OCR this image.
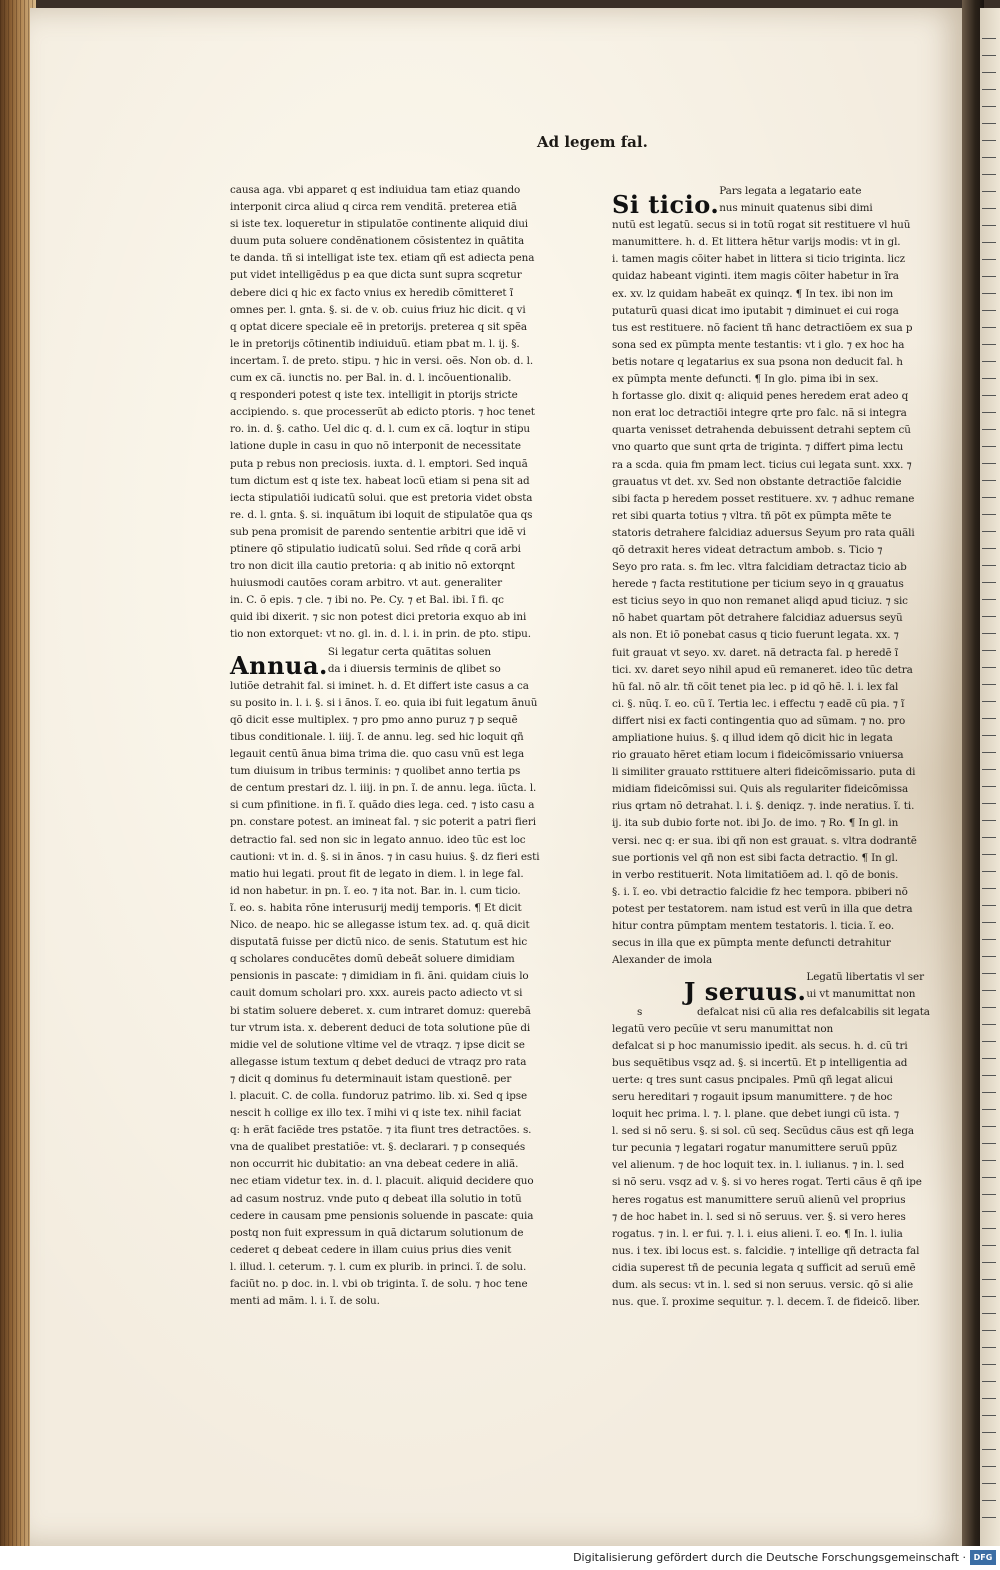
Ad legem fal.
causa aga. vbi apparet q est indiuidua tam etiaz quando
interponit circa aliud q circa rem venditã. preterea etiã
si iste tex. loqueretur in stipulatõe continente aliquid diui
duum puta soluere condẽnationem cõsistentez in quãtita
te danda. tñ si intelligat iste tex. etiam qñ est adiecta pena
put videt intelligẽdus p ea que dicta sunt supra scqretur
debere dici q hic ex facto vnius ex heredib cõmitteret ĩ
omnes per. l. gnta. §. si. de v. ob. cuius friuz hic dicit. q vi
q optat dicere speciale eẽ in pretorijs. preterea q sit spẽa
le in pretorijs cõtinentib indiuiduũ. etiam pbat m. l. ij. §.
incertam. ĩ. de preto. stipu. ⁊ hic in versi. oẽs. Non ob. d. l.
cum ex cã. iunctis no. per Bal. in. d. l. incõuentionalib.
q responderi potest q iste tex. intelligit in ptorijs stricte
accipiendo. s. que processerũt ab edicto ptoris. ⁊ hoc tenet
ro. in. d. §. catho. Uel dic q. d. l. cum ex cã. loqtur in stipu
latione duple in casu in quo nõ interponit de necessitate
puta p rebus non preciosis. iuxta. d. l. emptori. Sed inquã
tum dictum est q iste tex. habeat locũ etiam si pena sit ad
iecta stipulatiõi iudicatũ solui. que est pretoria videt obsta
re. d. l. gnta. §. si. inquãtum ibi loquit de stipulatõe qua qs
sub pena promisit de parendo sententie arbitri que idẽ vi
ptinere qõ stipulatio iudicatũ solui. Sed rñde q corã arbi
tro non dicit illa cautio pretoria: q ab initio nõ extorqnt
huiusmodi cautões coram arbitro. vt aut. generaliter
in. C. õ epis. ⁊ cle. ⁊ ibi no. Pe. Cy. ⁊ et Bal. ibi. ĩ fi. qc
quid ibi dixerit. ⁊ sic non potest dici pretoria exquo ab ini
tio non extorquet: vt no. gl. in. d. l. i. in prin. de pto. stipu.
Annua. Si legatur certa quãtitas soluen
da i diuersis terminis de qlibet so
lutiõe detrahit fal. si iminet. h. d. Et differt iste casus a ca
su posito in. l. i. §. si i ãnos. ĩ. eo. quia ibi fuit legatum ãnuũ
qõ dicit esse multiplex. ⁊ pro pmo anno puruz ⁊ p sequẽ
tibus conditionale. l. iiij. ĩ. de annu. leg. sed hic loquit qñ
legauit centũ ãnua bima trima die. quo casu vnũ est lega
tum diuisum in tribus terminis: ⁊ quolibet anno tertia ps
de centum prestari dz. l. iiij. in pn. ĩ. de annu. lega. iũcta. l.
si cum pfinitione. in fi. ĩ. quãdo dies lega. ced. ⁊ isto casu a
pn. constare potest. an imineat fal. ⁊ sic poterit a patri fieri
detractio fal. sed non sic in legato annuo. ideo tũc est loc
cautioni: vt in. d. §. si in ãnos. ⁊ in casu huius. §. dz fieri esti
matio hui legati. prout fit de legato in diem. l. in lege fal.
id non habetur. in pn. ĩ. eo. ⁊ ita not. Bar. in. l. cum ticio.
ĩ. eo. s. habita rõne interusurij medij temporis. ¶ Et dicit
Nico. de neapo. hic se allegasse istum tex. ad. q. quã dicit
disputatã fuisse per dictũ nico. de senis. Statutum est hic
q scholares conducẽtes domũ debeãt soluere dimidiam
pensionis in pascate: ⁊ dimidiam in fi. ãni. quidam ciuis lo
cauit domum scholari pro. xxx. aureis pacto adiecto vt si
bi statim soluere deberet. x. cum intraret domuz: querebã
tur vtrum ista. x. deberent deduci de tota solutione pũe di
midie vel de solutione vltime vel de vtraqz. ⁊ ipse dicit se
allegasse istum textum q debet deduci de vtraqz pro rata
⁊ dicit q dominus fu determinauit istam questionẽ. per
l. placuit. C. de colla. fundoruz patrimo. lib. xi. Sed q ipse
nescit h collige ex illo tex. ĩ mihi vi q iste tex. nihil faciat
q: h erãt faciẽde tres pstatõe. ⁊ ita fiunt tres detractões. s.
vna de qualibet prestatiõe: vt. §. declarari. ⁊ p consequés
non occurrit hic dubitatio: an vna debeat cedere in aliã.
nec etiam videtur tex. in. d. l. placuit. aliquid decidere quo
ad casum nostruz. vnde puto q debeat illa solutio in totũ
cedere in causam pme pensionis soluende in pascate: quia
postq non fuit expressum in quã dictarum solutionum de
cederet q debeat cedere in illam cuius prius dies venit
l. illud. l. ceterum. ⁊. l. cum ex plurib. in princi. ĩ. de solu.
faciũt no. p doc. in. l. vbi ob triginta. ĩ. de solu. ⁊ hoc tene
menti ad mãm. l. i. ĩ. de solu.
Si ticio. Pars legata a legatario eate
nus minuit quatenus sibi dimi
nutũ est legatũ. secus si in totũ rogat sit restituere vl huũ
manumittere. h. d. Et littera hẽtur varijs modis: vt in gl.
i. tamen magis cõiter habet in littera si ticio triginta. licz
quidaz habeant viginti. item magis cõiter habetur in ĩra
ex. xv. lz quidam habeãt ex quinqz. ¶ In tex. ibi non im
putaturũ quasi dicat imo iputabit ⁊ diminuet ei cui roga
tus est restituere. nõ facient tñ hanc detractiõem ex sua p
sona sed ex pũmpta mente testantis: vt i glo. ⁊ ex hoc ha
betis notare q legatarius ex sua psona non deducit fal. h
ex pũmpta mente defuncti. ¶ In glo. pima ibi in sex.
h fortasse glo. dixit q: aliquid penes heredem erat adeo q
non erat loc detractiõi integre qrte pro falc. nã si integra
quarta venisset detrahenda debuissent detrahi septem cũ
vno quarto que sunt qrta de triginta. ⁊ differt pima lectu
ra a scda. quia fm pmam lect. ticius cui legata sunt. xxx. ⁊
grauatus vt det. xv. Sed non obstante detractiõe falcidie
sibi facta p heredem posset restituere. xv. ⁊ adhuc remane
ret sibi quarta totius ⁊ vltra. tñ põt ex pũmpta mẽte te
statoris detrahere falcidiaz aduersus Seyum pro rata quãli
qõ detraxit heres videat detractum ambob. s. Ticio ⁊
Seyo pro rata. s. fm lec. vltra falcidiam detractaz ticio ab
herede ⁊ facta restitutione per ticium seyo in q grauatus
est ticius seyo in quo non remanet aliqd apud ticiuz. ⁊ sic
nõ habet quartam põt detrahere falcidiaz aduersus seyũ
als non. Et iõ ponebat casus q ticio fuerunt legata. xx. ⁊
fuit grauat vt seyo. xv. daret. nã detracta fal. p heredẽ ĩ
tici. xv. daret seyo nihil apud eũ remaneret. ideo tũc detra
hũ fal. nõ alr. tñ cõit tenet pia lec. p id qõ hẽ. l. i. lex fal
ci. §. nũq. ĩ. eo. cũ ĩ. Tertia lec. i effectu ⁊ eadẽ cũ pia. ⁊ ĩ
differt nisi ex facti contingentia quo ad sũmam. ⁊ no. pro
ampliatione huius. §. q illud idem qõ dicit hic in legata
rio grauato hẽret etiam locum i fideicõmissario vniuersa
li similiter grauato rsttituere alteri fideicõmissario. puta di
midiam fideicõmissi sui. Quis als regulariter fideicõmissa
rius qrtam nõ detrahat. l. i. §. deniqz. ⁊. inde neratius. ĩ. ti.
ij. ita sub dubio forte not. ibi Jo. de imo. ⁊ Ro. ¶ In gl. in
versi. nec q: er sua. ibi qñ non est grauat. s. vltra dodrantẽ
sue portionis vel qñ non est sibi facta detractio. ¶ In gl.
in verbo restituerit. Nota limitatiõem ad. l. qõ de bonis.
§. i. ĩ. eo. vbi detractio falcidie fz hec tempora. pbiberi nõ
potest per testatorem. nam istud est verũ in illa que detra
hitur contra pũmptam mentem testatoris. l. ticia. ĩ. eo.
secus in illa que ex pũmpta mente defuncti detrahitur
Alexander de imola
J seruus. Legatũ libertatis vl ser
ui vt manumittat non
s	defalcat nisi cũ alia res defalcabilis sit legata
legatũ vero pecũie vt seru manumittat non
defalcat si p hoc manumissio ipedit. als secus. h. d. cũ tri
bus sequẽtibus vsqz ad. §. si incertũ. Et p intelligentia ad
uerte: q tres sunt casus pncipales. Pmũ qñ legat alicui
seru hereditari ⁊ rogauit ipsum manumittere. ⁊ de hoc
loquit hec prima. l. ⁊. l. plane. que debet iungi cũ ista. ⁊
l. sed si nõ seru. §. si sol. cũ seq. Secũdus cãus est qñ lega
tur pecunia ⁊ legatari rogatur manumittere seruũ ppũz
vel alienum. ⁊ de hoc loquit tex. in. l. iulianus. ⁊ in. l. sed
si nõ seru. vsqz ad v. §. si vo heres rogat. Terti cãus ẽ qñ ipe
heres rogatus est manumittere seruũ alienũ vel proprius
⁊ de hoc habet in. l. sed si nõ seruus. ver. §. si vero heres
rogatus. ⁊ in. l. er fui. ⁊. l. i. eius alieni. ĩ. eo. ¶ In. l. iulia
nus. i tex. ibi locus est. s. falcidie. ⁊ intellige qñ detracta fal
cidia superest tñ de pecunia legata q sufficit ad seruũ emẽ
dum. als secus: vt in. l. sed si non seruus. versic. qõ si alie
nus. que. ĩ. proxime sequitur. ⁊. l. decem. ĩ. de fideicõ. liber.
Digitalisierung gefördert durch die Deutsche Forschungsgemeinschaft · DFG
